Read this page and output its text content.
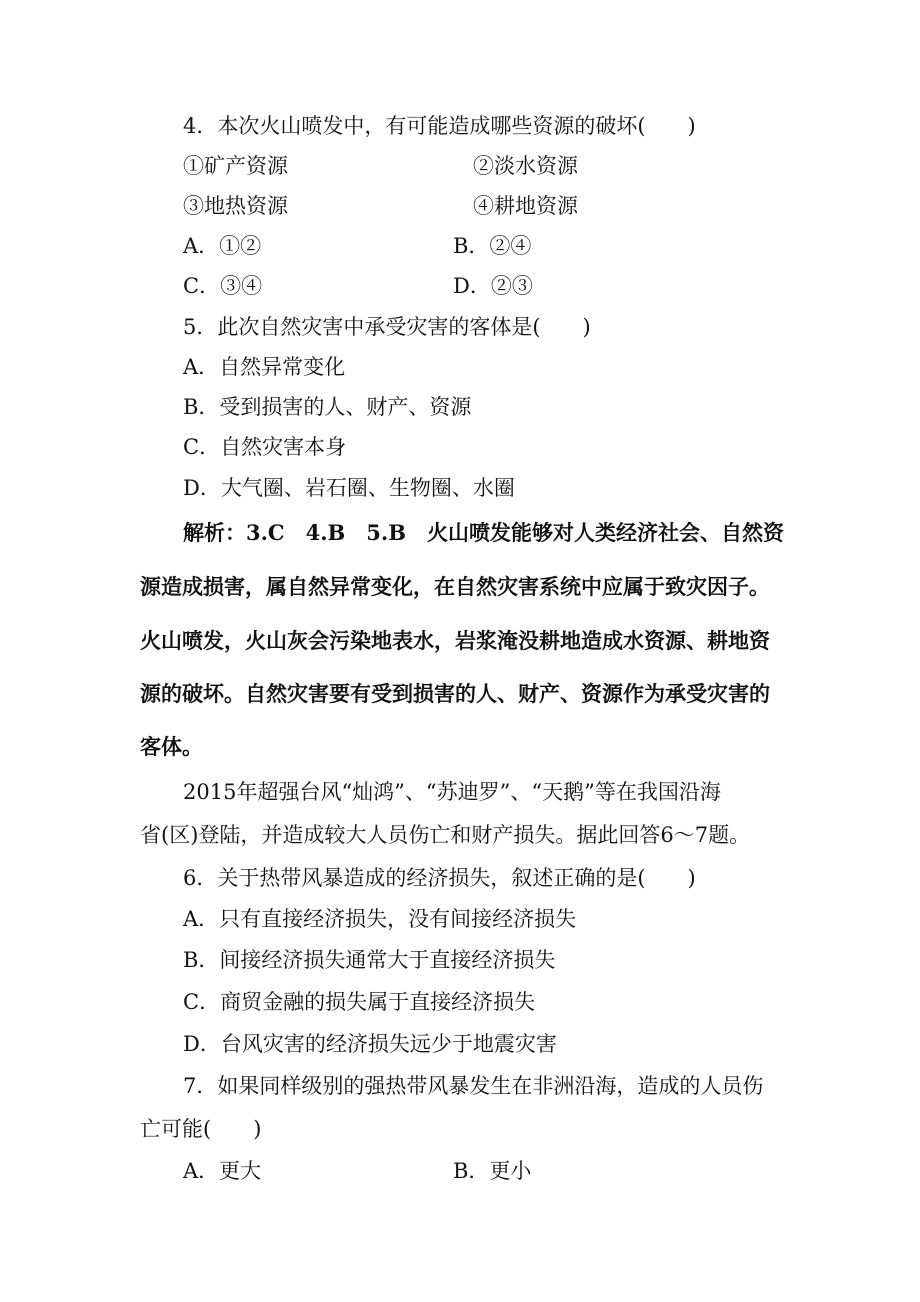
4．本次火山喷发中，有可能造成哪些资源的破坏(　　)
①矿产资源	②淡水资源
③地热资源	④耕地资源
A．①②	B．②④
C．③④	D．②③
5．此次自然灾害中承受灾害的客体是(　　)
A．自然异常变化
B．受到损害的人、财产、资源
C．自然灾害本身
D．大气圈、岩石圈、生物圈、水圈
解析：3.C　4.B　5.B　火山喷发能够对人类经济社会、自然资
源造成损害，属自然异常变化，在自然灾害系统中应属于致灾因子。
火山喷发，火山灰会污染地表水，岩浆淹没耕地造成水资源、耕地资
源的破坏。自然灾害要有受到损害的人、财产、资源作为承受灾害的
客体。
2015年超强台风“灿鸿”、“苏迪罗”、“天鹅”等在我国沿海
省(区)登陆，并造成较大人员伤亡和财产损失。据此回答6～7题。
6．关于热带风暴造成的经济损失，叙述正确的是(　　)
A．只有直接经济损失，没有间接经济损失
B．间接经济损失通常大于直接经济损失
C．商贸金融的损失属于直接经济损失
D．台风灾害的经济损失远少于地震灾害
7．如果同样级别的强热带风暴发生在非洲沿海，造成的人员伤
亡可能(　　)
A．更大	B．更小
